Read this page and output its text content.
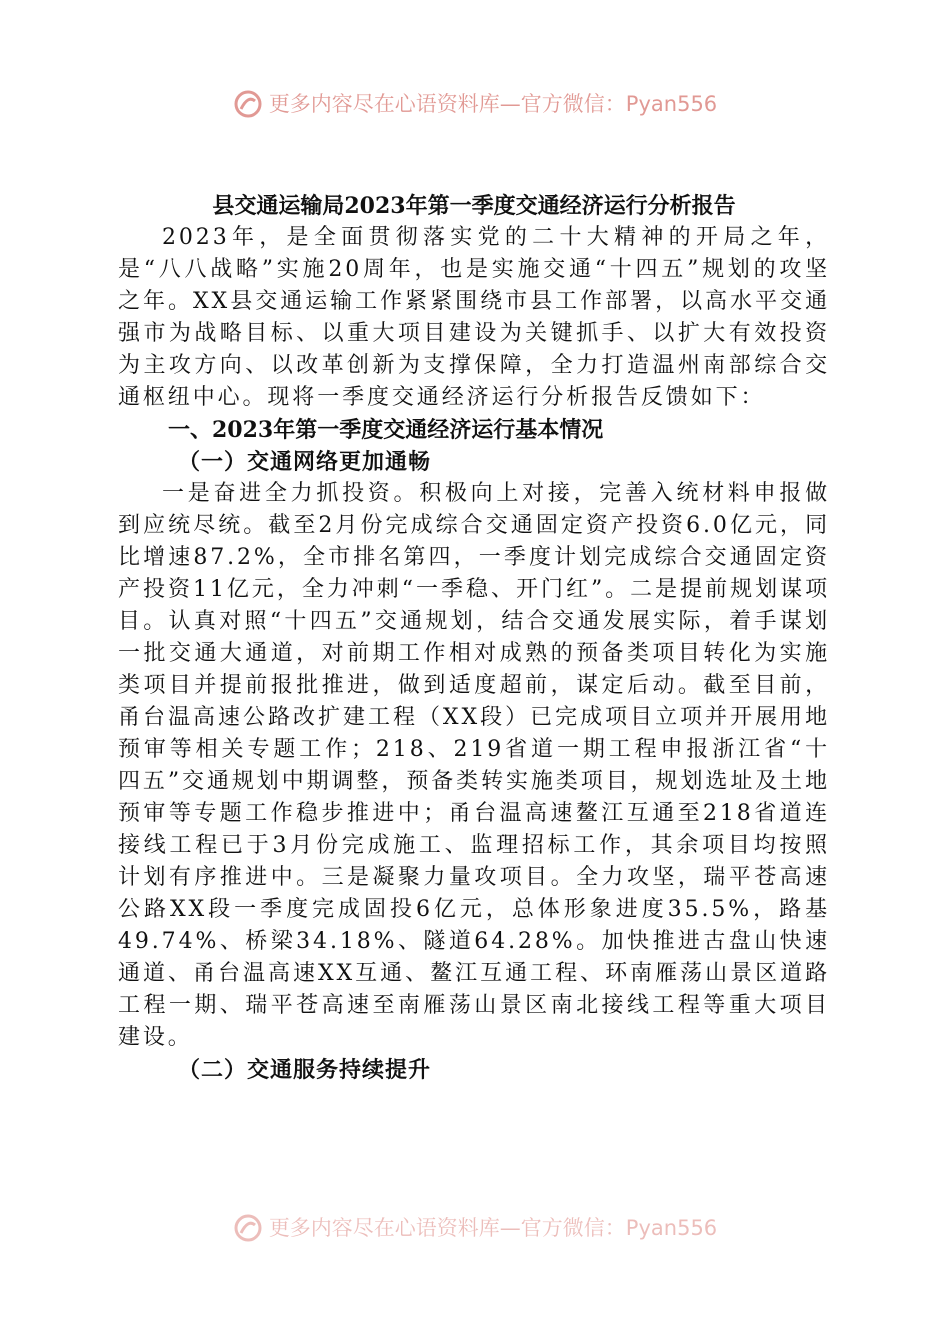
更多内容尽在心语资料库—官方微信：Pyan556
县交通运输局2023年第一季度交通经济运行分析报告

2023年，是全面贯彻落实党的二十大精神的开局之年，是“八八战略”实施20周年，也是实施交通“十四五”规划的攻坚之年。XX县交通运输工作紧紧围绕市县工作部署，以高水平交通强市为战略目标、以重大项目建设为关键抓手、以扩大有效投资为主攻方向、以改革创新为支撑保障，全力打造温州南部综合交通枢纽中心。现将一季度交通经济运行分析报告反馈如下：

一、2023年第一季度交通经济运行基本情况
（一）交通网络更加通畅

一是奋进全力抓投资。积极向上对接，完善入统材料申报做到应统尽统。截至2月份完成综合交通固定资产投资6.0亿元，同比增速87.2%，全市排名第四，一季度计划完成综合交通固定资产投资11亿元，全力冲刺“一季稳、开门红”。二是提前规划谋项目。认真对照“十四五”交通规划，结合交通发展实际，着手谋划一批交通大通道，对前期工作相对成熟的预备类项目转化为实施类项目并提前报批推进，做到适度超前，谋定后动。截至目前，甬台温高速公路改扩建工程（XX段）已完成项目立项并开展用地预审等相关专题工作；218、219省道一期工程申报浙江省“十四五”交通规划中期调整，预备类转实施类项目，规划选址及土地预审等专题工作稳步推进中；甬台温高速鳌江互通至218省道连接线工程已于3月份完成施工、监理招标工作，其余项目均按照计划有序推进中。三是凝聚力量攻项目。全力攻坚，瑞平苍高速公路XX段一季度完成固投6亿元，总体形象进度35.5%，路基49.74%、桥梁34.18%、隧道64.28%。加快推进古盘山快速通道、甬台温高速XX互通、鳌江互通工程、环南雁荡山景区道路工程一期、瑞平苍高速至南雁荡山景区南北接线工程等重大项目建设。

（二）交通服务持续提升
更多内容尽在心语资料库—官方微信：Pyan556
